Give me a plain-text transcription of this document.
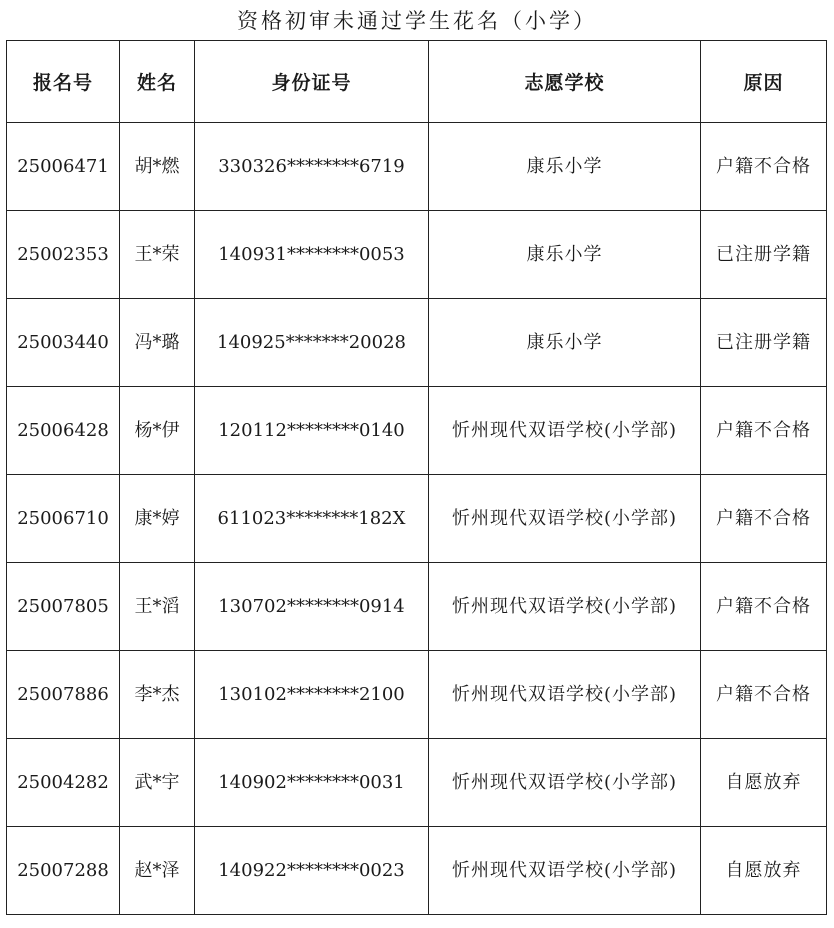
资格初审未通过学生花名（小学）
报名号	姓名	身份证号	志愿学校	原因
25006471	胡*燃	330326********6719	康乐小学	户籍不合格
25002353	王*荣	140931********0053	康乐小学	已注册学籍
25003440	冯*璐	140925*******20028	康乐小学	已注册学籍
25006428	杨*伊	120112********0140	忻州现代双语学校(小学部)	户籍不合格
25006710	康*婷	611023********182X	忻州现代双语学校(小学部)	户籍不合格
25007805	王*滔	130702********0914	忻州现代双语学校(小学部)	户籍不合格
25007886	李*杰	130102********2100	忻州现代双语学校(小学部)	户籍不合格
25004282	武*宇	140902********0031	忻州现代双语学校(小学部)	自愿放弃
25007288	赵*泽	140922********0023	忻州现代双语学校(小学部)	自愿放弃
